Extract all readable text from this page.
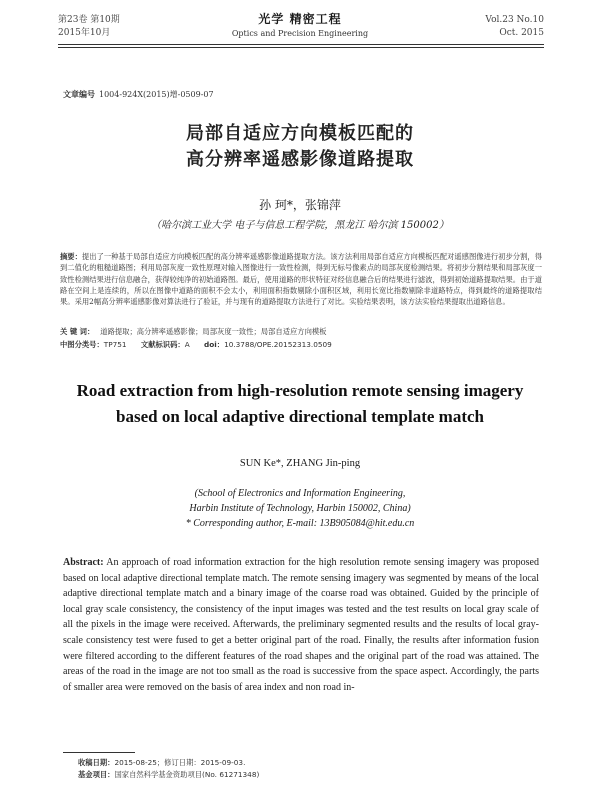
第23卷 第10期
2015年10月
光学 精密工程
Optics and Precision Engineering
Vol.23 No.10
Oct. 2015
文章编号 1004-924X(2015)增-0509-07
局部自适应方向模板匹配的
高分辨率遥感影像道路提取
孙 珂*，张锦萍
（哈尔滨工业大学 电子与信息工程学院，黑龙江 哈尔滨 150002）
摘要：提出了一种基于局部自适应方向模板匹配的高分辨率遥感影像道路提取方法。该方法利用局部自适应方向模板匹配对遥感图像进行初步分割，得到二值化的粗糙道路图；利用局部灰度一致性原理对输入图像进行一致性检测，得到无标号像素点的局部灰度检测结果。将初步分割结果和局部灰度一致性检测结果进行信息融合，获得较纯净的初始道路图。最后，使用道路的形状特征对经信息融合后的结果进行滤波，得到初始道路提取结果。由于道路在空间上是连续的，所以在图像中道路的面积不会太小，利用面积指数剔除小面积区域，利用长宽比指数剔除非道路特点，得到最终的道路提取结果。采用2幅高分辨率遥感影像对算法进行了验证，并与现有的道路提取方法进行了对比。实验结果表明，该方法实验结果提取出道路信息。
关 键 词： 道路提取；高分辨率遥感影像；局部灰度一致性；局部自适应方向模板
中图分类号：TP751 文献标识码：A doi：10.3788/OPE.20152313.0509
Road extraction from high-resolution remote sensing imagery
based on local adaptive directional template match
SUN Ke*, ZHANG Jin-ping
(School of Electronics and Information Engineering,
Harbin Institute of Technology, Harbin 150002, China)
* Corresponding author, E-mail: 13B905084@hit.edu.cn
Abstract: An approach of road information extraction for the high resolution remote sensing imagery was proposed based on local adaptive directional template match. The remote sensing imagery was segmented by means of the local adaptive directional template match and a binary image of the coarse road was obtained. Guided by the principle of local gray scale consistency, the consistency of the input images was tested and the test results on local gray scale of all the pixels in the image were received. Afterwards, the preliminary segmented results and the results of local gray-scale consistency test were fused to get a better original part of the road. Finally, the results after information fusion were filtered according to the different features of the road shapes and the original part of the road was attained. The areas of the road in the image are not too small as the road is successive from the space aspect. Accordingly, the parts of smaller area were removed on the basis of area index and non road in-
收稿日期：2015-08-25；修订日期：2015-09-03.
基金项目：国家自然科学基金资助项目(No. 61271348)
